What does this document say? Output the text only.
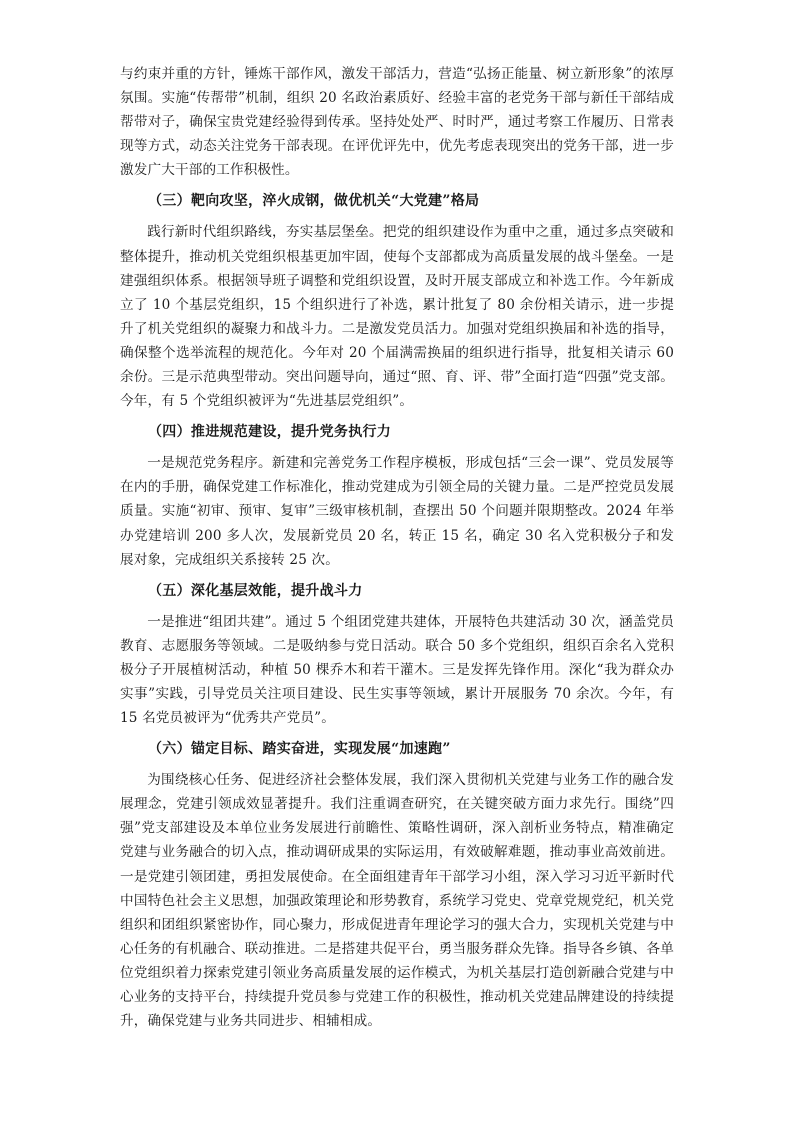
与约束并重的方针，锤炼干部作风，激发干部活力，营造“弘扬正能量、树立新形象”的浓厚氛围。实施“传帮带”机制，组织 20 名政治素质好、经验丰富的老党务干部与新任干部结成帮带对子，确保宝贵党建经验得到传承。坚持处处严、时时严，通过考察工作履历、日常表现等方式，动态关注党务干部表现。在评优评先中，优先考虑表现突出的党务干部，进一步激发广大干部的工作积极性。

（三）靶向攻坚，淬火成钢，做优机关“大党建”格局

践行新时代组织路线，夯实基层堡垒。把党的组织建设作为重中之重，通过多点突破和整体提升，推动机关党组织根基更加牢固，使每个支部都成为高质量发展的战斗堡垒。一是建强组织体系。根据领导班子调整和党组织设置，及时开展支部成立和补选工作。今年新成立了 10 个基层党组织，15 个组织进行了补选，累计批复了 80 余份相关请示，进一步提升了机关党组织的凝聚力和战斗力。二是激发党员活力。加强对党组织换届和补选的指导，确保整个选举流程的规范化。今年对 20 个届满需换届的组织进行指导，批复相关请示 60 余份。三是示范典型带动。突出问题导向，通过“照、育、评、带”全面打造“四强”党支部。今年，有 5 个党组织被评为“先进基层党组织”。

（四）推进规范建设，提升党务执行力

一是规范党务程序。新建和完善党务工作程序模板，形成包括“三会一课”、党员发展等在内的手册，确保党建工作标准化，推动党建成为引领全局的关键力量。二是严控党员发展质量。实施“初审、预审、复审”三级审核机制，查摆出 50 个问题并限期整改。2024 年举办党建培训 200 多人次，发展新党员 20 名，转正 15 名，确定 30 名入党积极分子和发展对象，完成组织关系接转 25 次。

（五）深化基层效能，提升战斗力

一是推进“组团共建”。通过 5 个组团党建共建体，开展特色共建活动 30 次，涵盖党员教育、志愿服务等领域。二是吸纳参与党日活动。联合 50 多个党组织，组织百余名入党积极分子开展植树活动，种植 50 棵乔木和若干灌木。三是发挥先锋作用。深化“我为群众办实事”实践，引导党员关注项目建设、民生实事等领域，累计开展服务 70 余次。今年，有 15 名党员被评为“优秀共产党员”。

（六）锚定目标、踏实奋进，实现发展“加速跑”

为围绕核心任务、促进经济社会整体发展，我们深入贯彻机关党建与业务工作的融合发展理念，党建引领成效显著提升。我们注重调查研究，在关键突破方面力求先行。围绕”四强”党支部建设及本单位业务发展进行前瞻性、策略性调研，深入剖析业务特点，精准确定党建与业务融合的切入点，推动调研成果的实际运用，有效破解难题，推动事业高效前进。一是党建引领团建，勇担发展使命。在全面组建青年干部学习小组，深入学习习近平新时代中国特色社会主义思想，加强政策理论和形势教育，系统学习党史、党章党规党纪，机关党组织和团组织紧密协作，同心聚力，形成促进青年理论学习的强大合力，实现机关党建与中心任务的有机融合、联动推进。二是搭建共促平台，勇当服务群众先锋。指导各乡镇、各单位党组织着力探索党建引领业务高质量发展的运作模式，为机关基层打造创新融合党建与中心业务的支持平台，持续提升党员参与党建工作的积极性，推动机关党建品牌建设的持续提升，确保党建与业务共同进步、相辅相成。
